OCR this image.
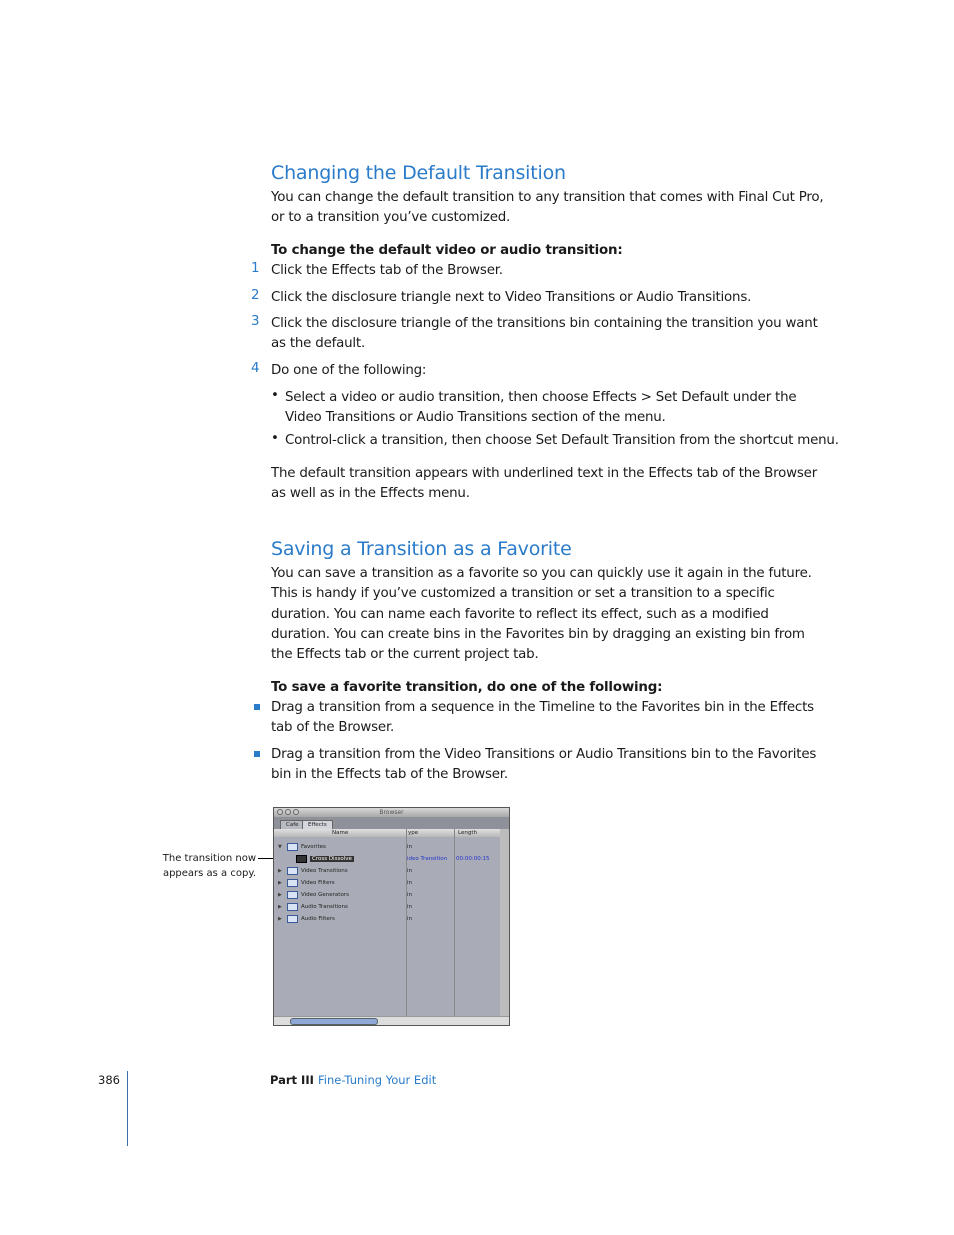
Changing the Default Transition
You can change the default transition to any transition that comes with Final Cut Pro, or to a transition you’ve customized.
To change the default video or audio transition:
1 Click the Effects tab of the Browser.
2 Click the disclosure triangle next to Video Transitions or Audio Transitions.
3 Click the disclosure triangle of the transitions bin containing the transition you want as the default.
4 Do one of the following:
• Select a video or audio transition, then choose Effects > Set Default under the Video Transitions or Audio Transitions section of the menu.
• Control-click a transition, then choose Set Default Transition from the shortcut menu.
The default transition appears with underlined text in the Effects tab of the Browser as well as in the Effects menu.
Saving a Transition as a Favorite
You can save a transition as a favorite so you can quickly use it again in the future. This is handy if you’ve customized a transition or set a transition to a specific duration. You can name each favorite to reflect its effect, such as a modified duration. You can create bins in the Favorites bin by dragging an existing bin from the Effects tab or the current project tab.
To save a favorite transition, do one of the following:
Drag a transition from a sequence in the Timeline to the Favorites bin in the Effects tab of the Browser.
Drag a transition from the Video Transitions or Audio Transitions bin to the Favorites bin in the Effects tab of the Browser.
The transition now appears as a copy.
Browser
Cafe	Effects
Name	ype	Length
▼	Favorites	in
Cross Dissolve	ideo Transition 00:00:00:15
▶	Video Transitions	in
▶	Video Filters	in
▶	Video Generators	in
▶	Audio Transitions	in
▶	Audio Filters	in
386	Part III Fine-Tuning Your Edit
